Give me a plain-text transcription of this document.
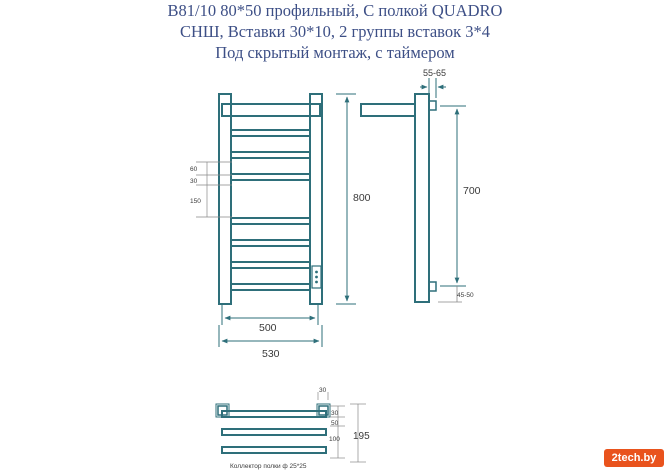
B81/10 80*50 профильный, С полкой QUADRO
СНШ, Вставки 30*10, 2 группы вставок 3*4
Под скрытый монтаж, с таймером
60
30
150	800
500
530
55-65
700
45-50
30
30
50
100 195
Коллектор полки ф 25*25
2tech.by
